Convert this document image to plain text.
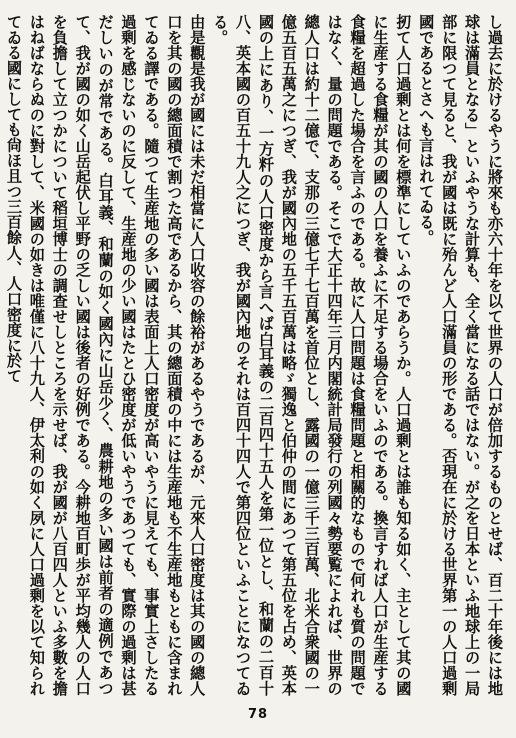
し過去に於けるやうに將來も亦六十年を以て世界の人口が倍加するものとせば、百二十年後には地球は滿員となる」といふやうな計算も、全く當になる話ではない。が之を日本といふ地球上の一局部に限つて見ると、我が國は既に殆んど人口滿員の形である。否現在に於ける世界第一の人口過剰國であるとさへも言はれてゐる。

扨て人口過剰とは何を標準にしていふのであらうか。人口過剰とは誰も知る如く、主として其の國に生産する食糧が其の國の人口を養ふに不足する場合をいふのである。換言すれば人口が生産する食糧を超過した場合を言ふのである。故に人口問題は食糧問題と相關的なもので何れも質の問題ではなく、量の問題である。そこで大正十四年三月内閣統計局發行の列國々勢要覧によれば、世界の總人口は約十二億で、支那の三億七千七百萬を首位とし、露國の一億三千三百萬、北米合衆國の一億五百五萬之につぎ、我が國內地の五千五百萬は略ゞ獨逸と伯仲の間にあつて第五位を占め、英本國の上にあり、一方粁の人口密度から言へば白耳義の二百四十五人を第一位とし、和蘭の二百十八、英本國の百五十九人之につぎ、我が國內地のそれは百四十四人で第四位といふことになつてゐる。

由是觀是我が國には未だ相當に人口收容の餘裕があるやうであるが、元來人口密度は其の國の總人口を其の國の總面積で割つた高であるから、其の總面積の中には生産地も不生産地もともに含まれてゐる譯である。隨つて生産地の多い國は表面上人口密度が高いやうに見えても、事實上さしたる過剰を感じないのに反して、生産地の少い國はたとひ密度が低いやうであつても、實際の過剰は甚だしいのが常である。白耳義、和蘭の如く國內に山岳少く、農耕地の多い國は前者の適例であつて、我が國の如く山岳起伏し平野の乏しい國は後者の好例である。今耕地百町歩が平均幾人の人口を負擔して立つかについて稻垣博士の調査せしところを示せば、我が國が八百四人といふ多數を擔はねばならぬのに對して、米國の如きは唯僅に八十九人、伊太利の如く夙に人口過剰を以て知られてゐる國にしても尙ほ且つ三百餘人、人口密度に於て

78
